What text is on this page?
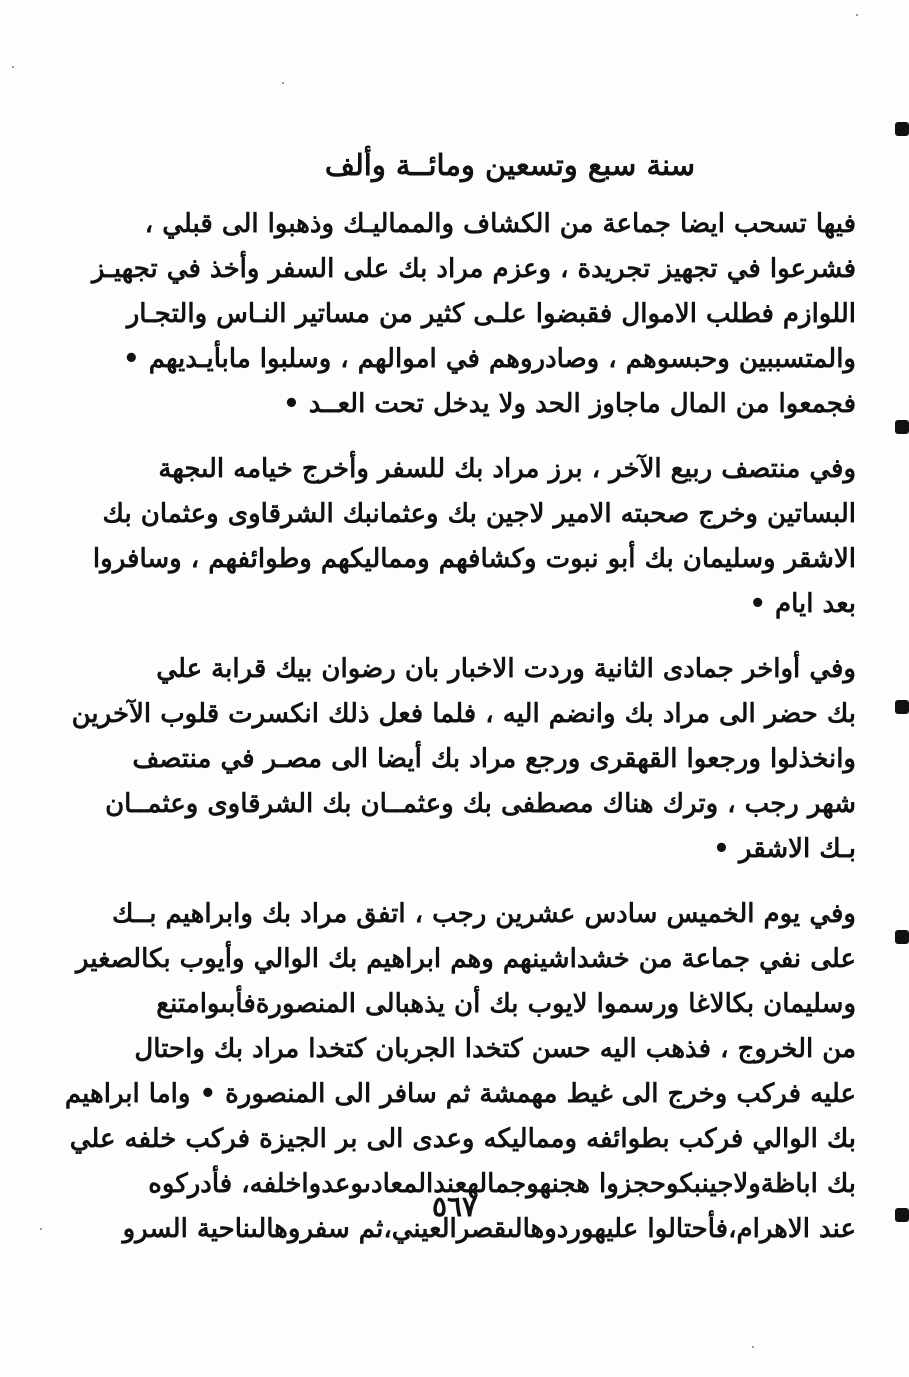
سنة سبع وتسعين ومائــة وألف
فيها تسحب ايضا جماعة من الكشاف والمماليـك وذهبوا الى قبلي ،
فشرعوا في تجهيز تجريدة ، وعزم مراد بك على السفر وأخذ في تجهيـز
اللوازم فطلب الاموال فقبضوا علـى كثير من مساتير النـاس والتجـار
والمتسببين وحبسوهم ، وصادروهم في اموالهم ، وسلبوا مابأيـديهم •
فجمعوا من المال ماجاوز الحد ولا يدخل تحت العــد •
وفي منتصف ربيع الآخر ، برز مراد بك للسفر وأخرج خيامه الىجهة
البساتين وخرج صحبته الامير لاجين بك وعثمانبك الشرقاوى وعثمان بك
الاشقر وسليمان بك أبو نبوت وكشافهم ومماليكهم وطوائفهم ، وسافروا
بعد ايام •
وفي أواخر جمادى الثانية وردت الاخبار بان رضوان بيك قرابة علي
بك حضر الى مراد بك وانضم اليه ، فلما فعل ذلك انكسرت قلوب الآخرين
وانخذلوا ورجعوا القهقرى ورجع مراد بك أيضا الى مصـر في منتصف
شهر رجب ، وترك هناك مصطفى بك وعثمــان بك الشرقاوى وعثمــان
بـك الاشقر •
وفي يوم الخميس سادس عشرين رجب ، اتفق مراد بك وابراهيم بــك
على نفي جماعة من خشداشينهم وهم ابراهيم بك الوالي وأيوب بكالصغير
وسليمان بكالاغا ورسموا لايوب بك أن يذهبالى المنصورةفأبىوامتنع
من الخروج ، فذهب اليه حسن كتخدا الجربان كتخدا مراد بك واحتال
عليه فركب وخرج الى غيط مهمشة ثم سافر الى المنصورة • واما ابراهيم
بك الوالي فركب بطوائفه ومماليكه وعدى الى بر الجيزة فركب خلفه علي
بك اباظةولاجينبكوحجزوا هجنهوجمالهعندالمعادىوعدواخلفه، فأدركوه
عند الاهرام،فأحتالوا عليهوردوهالىقصرالعيني،ثم سفروهالىناحية السرو
٥٦٧
